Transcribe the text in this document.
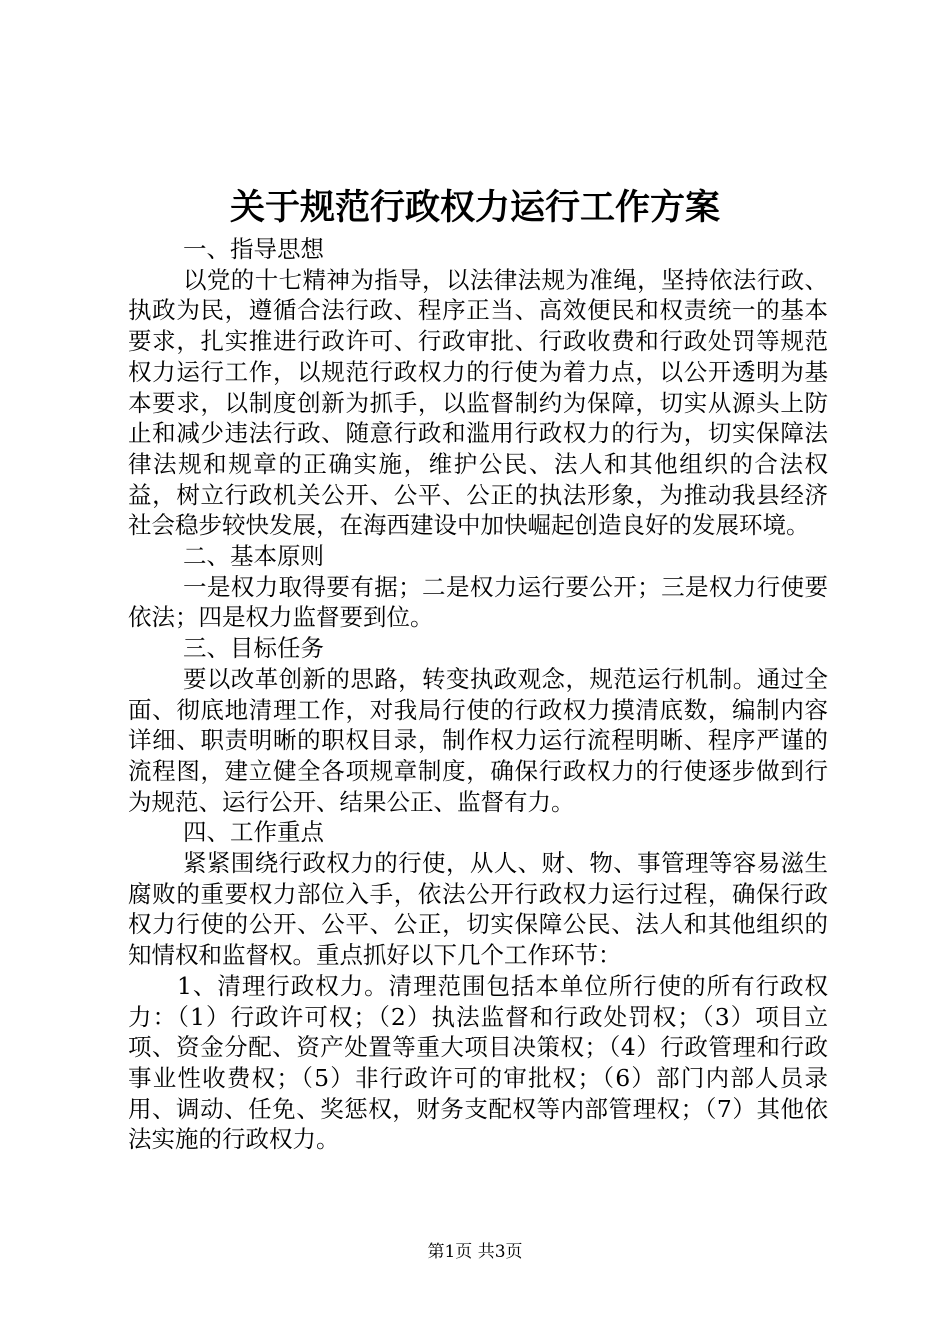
关于规范行政权力运行工作方案

一、指导思想

以党的十七精神为指导，以法律法规为准绳，坚持依法行政、执政为民，遵循合法行政、程序正当、高效便民和权责统一的基本要求，扎实推进行政许可、行政审批、行政收费和行政处罚等规范权力运行工作，以规范行政权力的行使为着力点，以公开透明为基本要求，以制度创新为抓手，以监督制约为保障，切实从源头上防止和减少违法行政、随意行政和滥用行政权力的行为，切实保障法律法规和规章的正确实施，维护公民、法人和其他组织的合法权益，树立行政机关公开、公平、公正的执法形象，为推动我县经济社会稳步较快发展，在海西建设中加快崛起创造良好的发展环境。

二、基本原则

一是权力取得要有据；二是权力运行要公开；三是权力行使要依法；四是权力监督要到位。

三、目标任务

要以改革创新的思路，转变执政观念，规范运行机制。通过全面、彻底地清理工作，对我局行使的行政权力摸清底数，编制内容详细、职责明晰的职权目录，制作权力运行流程明晰、程序严谨的流程图，建立健全各项规章制度，确保行政权力的行使逐步做到行为规范、运行公开、结果公正、监督有力。

四、工作重点

紧紧围绕行政权力的行使，从人、财、物、事管理等容易滋生腐败的重要权力部位入手，依法公开行政权力运行过程，确保行政权力行使的公开、公平、公正，切实保障公民、法人和其他组织的知情权和监督权。重点抓好以下几个工作环节：

1、清理行政权力。清理范围包括本单位所行使的所有行政权力：（1）行政许可权；（2）执法监督和行政处罚权；（3）项目立项、资金分配、资产处置等重大项目决策权；（4）行政管理和行政事业性收费权；（5）非行政许可的审批权；（6）部门内部人员录用、调动、任免、奖惩权，财务支配权等内部管理权；（7）其他依法实施的行政权力。

第1页 共3页
